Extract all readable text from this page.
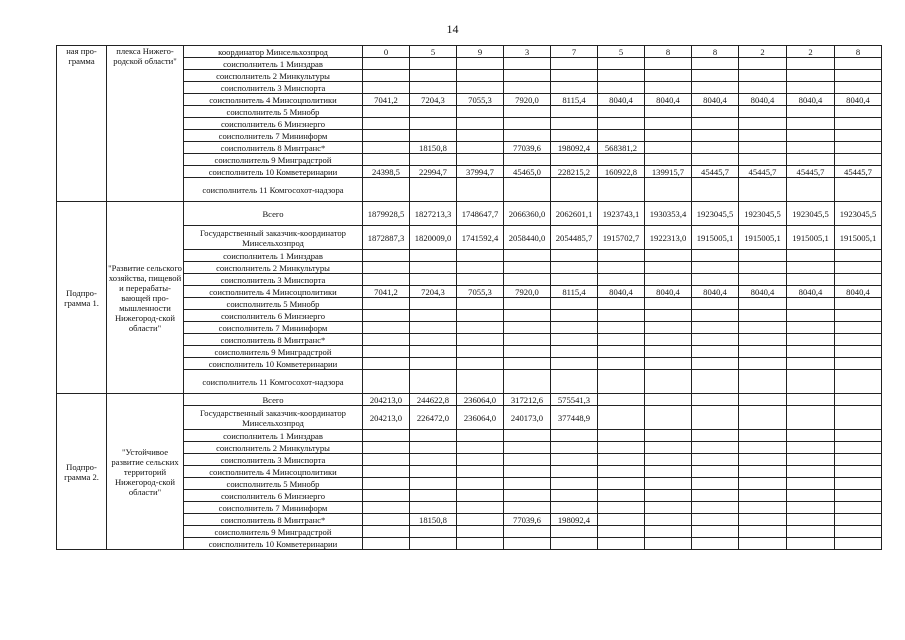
14
ная про-грамма	плекса Нижего-родской области"	координатор Минсельхозпрод	0	5	9	3	7	5	8	8	2	2	8
		соисполнитель 1 Минздрав											
		соисполнитель 2 Минкультуры											
		соисполнитель 3 Минспорта											
		соисполнитель 4 Минсоцполитики	7041,2	7204,3	7055,3	7920,0	8115,4	8040,4	8040,4	8040,4	8040,4	8040,4	8040,4
		соисполнитель 5 Минобр											
		соисполнитель 6 Минэнерго											
		соисполнитель 7 Мининформ											
		соисполнитель 8 Минтранс*		18150,8		77039,6	198092,4	568381,2					
		соисполнитель 9 Минградстрой											
		соисполнитель 10 Комветеринарии	24398,5	22994,7	37994,7	45465,0	228215,2	160922,8	139915,7	45445,7	45445,7	45445,7	45445,7
		соисполнитель 11 Комгосохот-надзора											
Подпро-грамма 1.	"Развитие сельского хозяйства, пищевой и перерабаты-вающей про-мышленности Нижегород-ской области"	Всего	1879928,5	1827213,3	1748647,7	2066360,0	2062601,1	1923743,1	1930353,4	1923045,5	1923045,5	1923045,5	1923045,5
		Государственный заказчик-координатор Минсельхозпрод	1872887,3	1820009,0	1741592,4	2058440,0	2054485,7	1915702,7	1922313,0	1915005,1	1915005,1	1915005,1	1915005,1
		соисполнитель 1 Минздрав											
		соисполнитель 2 Минкультуры											
		соисполнитель 3 Минспорта											
		соисполнитель 4 Минсоцполитики	7041,2	7204,3	7055,3	7920,0	8115,4	8040,4	8040,4	8040,4	8040,4	8040,4	8040,4
		соисполнитель 5 Минобр											
		соисполнитель 6 Минэнерго											
		соисполнитель 7 Мининформ											
		соисполнитель 8 Минтранс*											
		соисполнитель 9 Минградстрой											
		соисполнитель 10 Комветеринарии											
		соисполнитель 11 Комгосохот-надзора											
Подпро-грамма 2.	"Устойчивое развитие сельских территорий Нижегород-ской области"	Всего	204213,0	244622,8	236064,0	317212,6	575541,3						
		Государственный заказчик-координатор Минсельхозпрод	204213,0	226472,0	236064,0	240173,0	377448,9						
		соисполнитель 1 Минздрав											
		соисполнитель 2 Минкультуры											
		соисполнитель 3 Минспорта											
		соисполнитель 4 Минсоцполитики											
		соисполнитель 5 Минобр											
		соисполнитель 6 Минэнерго											
		соисполнитель 7 Мининформ											
		соисполнитель 8 Минтранс*		18150,8		77039,6	198092,4						
		соисполнитель 9 Минградстрой											
		соисполнитель 10 Комветеринарии											
